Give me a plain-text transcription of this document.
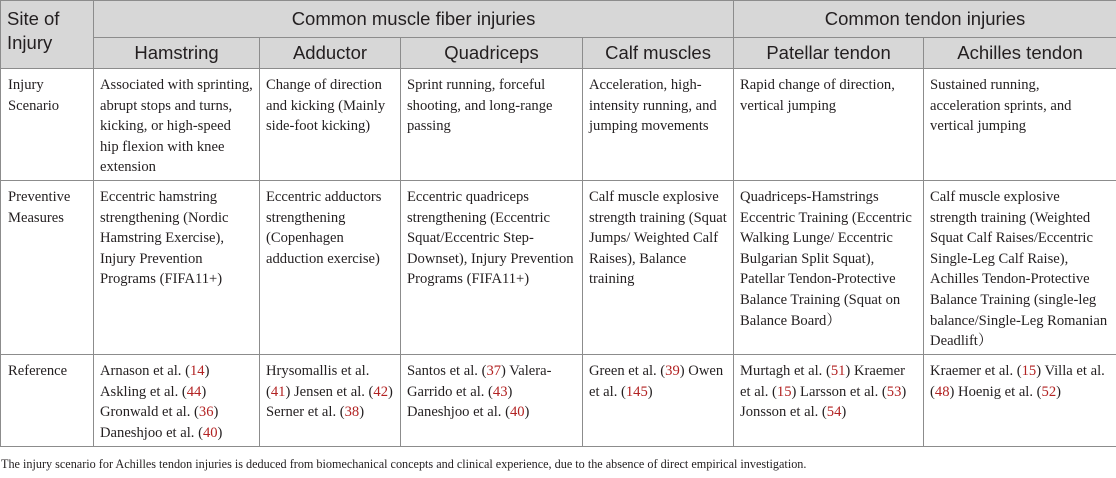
Site of Injury	Common muscle fiber injuries				Common tendon injuries	
	Hamstring	Adductor	Quadriceps	Calf muscles	Patellar tendon	Achilles tendon
Injury Scenario	Associated with sprinting, abrupt stops and turns, kicking, or high-speed hip flexion with knee extension	Change of direction and kicking (Mainly side-foot kicking)	Sprint running, forceful shooting, and long-range passing	Acceleration, high-intensity running, and jumping movements	Rapid change of direction, vertical jumping	Sustained running, acceleration sprints, and vertical jumping
Preventive Measures	Eccentric hamstring strengthening (Nordic Hamstring Exercise), Injury Prevention Programs (FIFA11+)	Eccentric adductors strengthening (Copenhagen adduction exercise)	Eccentric quadriceps strengthening (Eccentric Squat/Eccentric Step-Downset), Injury Prevention Programs (FIFA11+)	Calf muscle explosive strength training (Squat Jumps/ Weighted Calf Raises), Balance training	Quadriceps-Hamstrings Eccentric Training (Eccentric Walking Lunge/ Eccentric Bulgarian Split Squat), Patellar Tendon-Protective Balance Training (Squat on Balance Board）	Calf muscle explosive strength training (Weighted Squat Calf Raises/Eccentric Single-Leg Calf Raise), Achilles Tendon-Protective Balance Training (single-leg balance/Single-Leg Romanian Deadlift）
Reference	Arnason et al. (14) Askling et al. (44) Gronwald et al. (36) Daneshjoo et al. (40)	Hrysomallis et al. (41) Jensen et al. (42) Serner et al. (38)	Santos et al. (37) Valera-Garrido et al. (43) Daneshjoo et al. (40)	Green et al. (39) Owen et al. (145)	Murtagh et al. (51) Kraemer et al. (15) Larsson et al. (53) Jonsson et al. (54)	Kraemer et al. (15) Villa et al. (48) Hoenig et al. (52)
The injury scenario for Achilles tendon injuries is deduced from biomechanical concepts and clinical experience, due to the absence of direct empirical investigation.
